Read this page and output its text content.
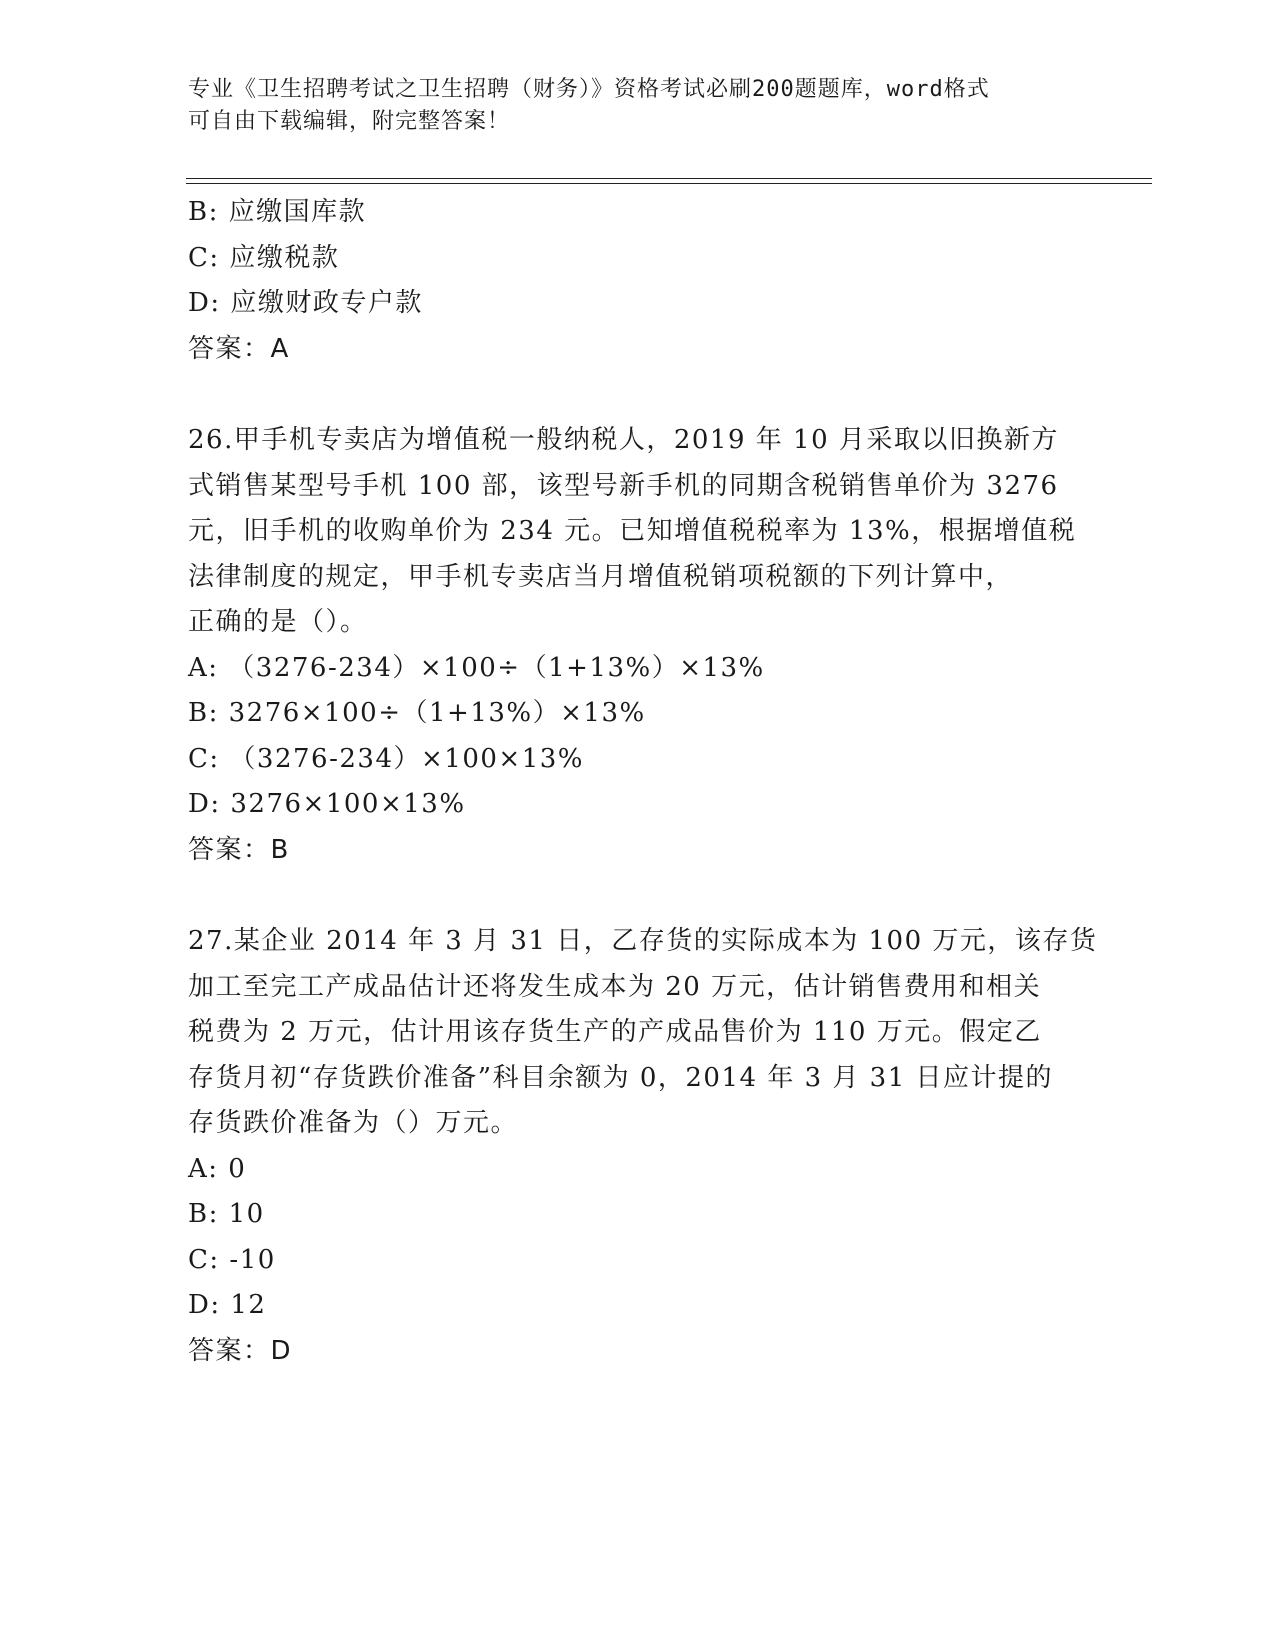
专业《卫生招聘考试之卫生招聘（财务）》资格考试必刷200题题库，word格式
可自由下载编辑，附完整答案！
B: 应缴国库款
C: 应缴税款
D: 应缴财政专户款
答案：A
26.甲手机专卖店为增值税一般纳税人，2019 年 10 月采取以旧换新方
式销售某型号手机 100 部，该型号新手机的同期含税销售单价为 3276
元，旧手机的收购单价为 234 元。已知增值税税率为 13%，根据增值税
法律制度的规定，甲手机专卖店当月增值税销项税额的下列计算中，
正确的是（）。
A: （3276-234）×100÷（1+13%）×13%
B: 3276×100÷（1+13%）×13%
C: （3276-234）×100×13%
D: 3276×100×13%
答案：B
27.某企业 2014 年 3 月 31 日，乙存货的实际成本为 100 万元，该存货
加工至完工产成品估计还将发生成本为 20 万元，估计销售费用和相关
税费为 2 万元，估计用该存货生产的产成品售价为 110 万元。假定乙
存货月初“存货跌价准备”科目余额为 0，2014 年 3 月 31 日应计提的
存货跌价准备为（）万元。
A: 0
B: 10
C: -10
D: 12
答案：D
